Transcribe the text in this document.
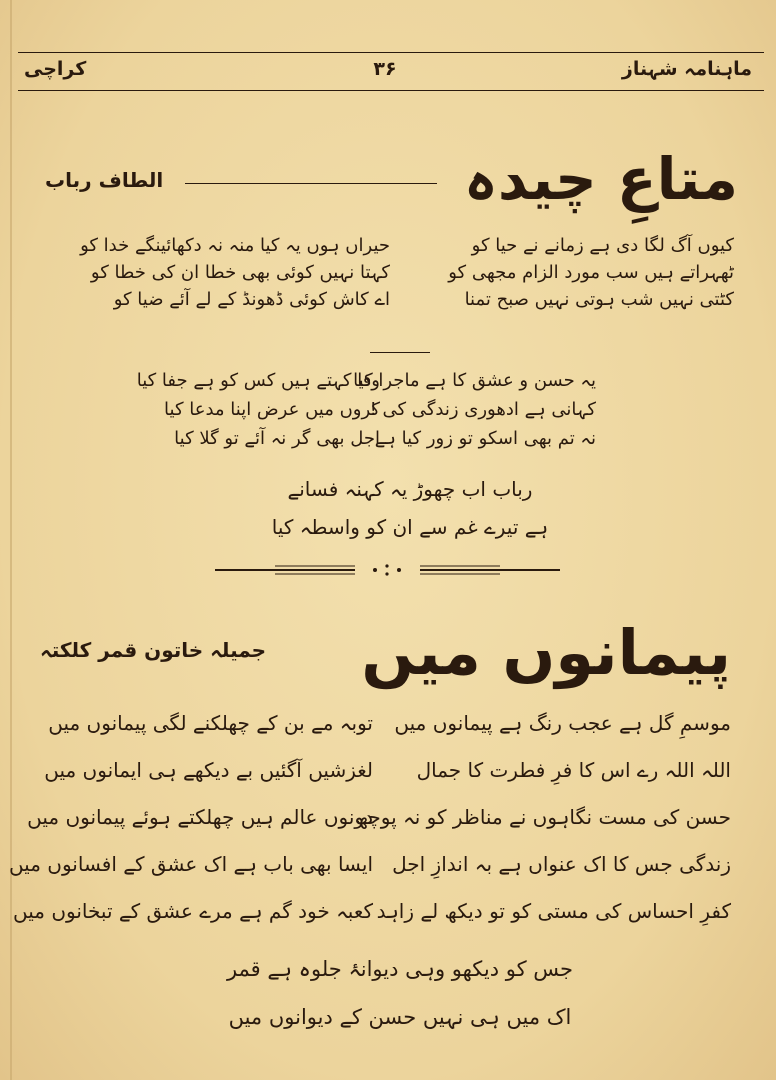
ماہنامہ شہناز
۳۶
کراچی
متاعِ چیدہ
الطاف رباب
کیوں آگ لگا دی ہے زمانے نے حیا کو
ٹھہراتے ہیں سب مورد الزام مجھی کو
کٹتی نہیں شب ہوتی نہیں صبح تمنا
حیراں ہوں یہ کیا منہ نہ دکھائینگے خدا کو
کہتا نہیں کوئی بھی خطا ان کی خطا کو
اے کاش کوئی ڈھونڈ کے لے آئے ضیا کو
یہ حسن و عشق کا ہے ماجرا کیا
کہانی ہے ادھوری زندگی کی !
نہ تم بھی اسکو تو زور کیا ہے
وفا کہتے ہیں کس کو ہے جفا کیا
کروں میں عرض اپنا مدعا کیا
اجل بھی گر نہ آئے تو گلا کیا
رباب اب چھوڑ یہ کہنہ فسانے
ہے تیرے غم سے ان کو واسطہ کیا
پیمانوں میں
جمیلہ خاتون قمر کلکتہ
موسمِ گل ہے عجب رنگ ہے پیمانوں میں
اللہ اللہ رے اس کا فرِ فطرت کا جمال
حسن کی مست نگاہوں نے مناظر کو نہ پوچھ
زندگی جس کا اک عنواں ہے بہ اندازِ اجل
کفرِ احساس کی مستی کو تو دیکھ لے زاہد
توبہ مے بن کے چھلکنے لگی پیمانوں میں
لغزشیں آگئیں بے دیکھے ہی ایمانوں میں
دونوں عالم ہیں چھلکتے ہوئے پیمانوں میں
ایسا بھی باب ہے اک عشق کے افسانوں میں
کعبہ خود گم ہے مرے عشق کے تبخانوں میں
جس کو دیکھو وہی دیوانۂ جلوہ ہے قمر
اک میں ہی نہیں حسن کے دیوانوں میں
